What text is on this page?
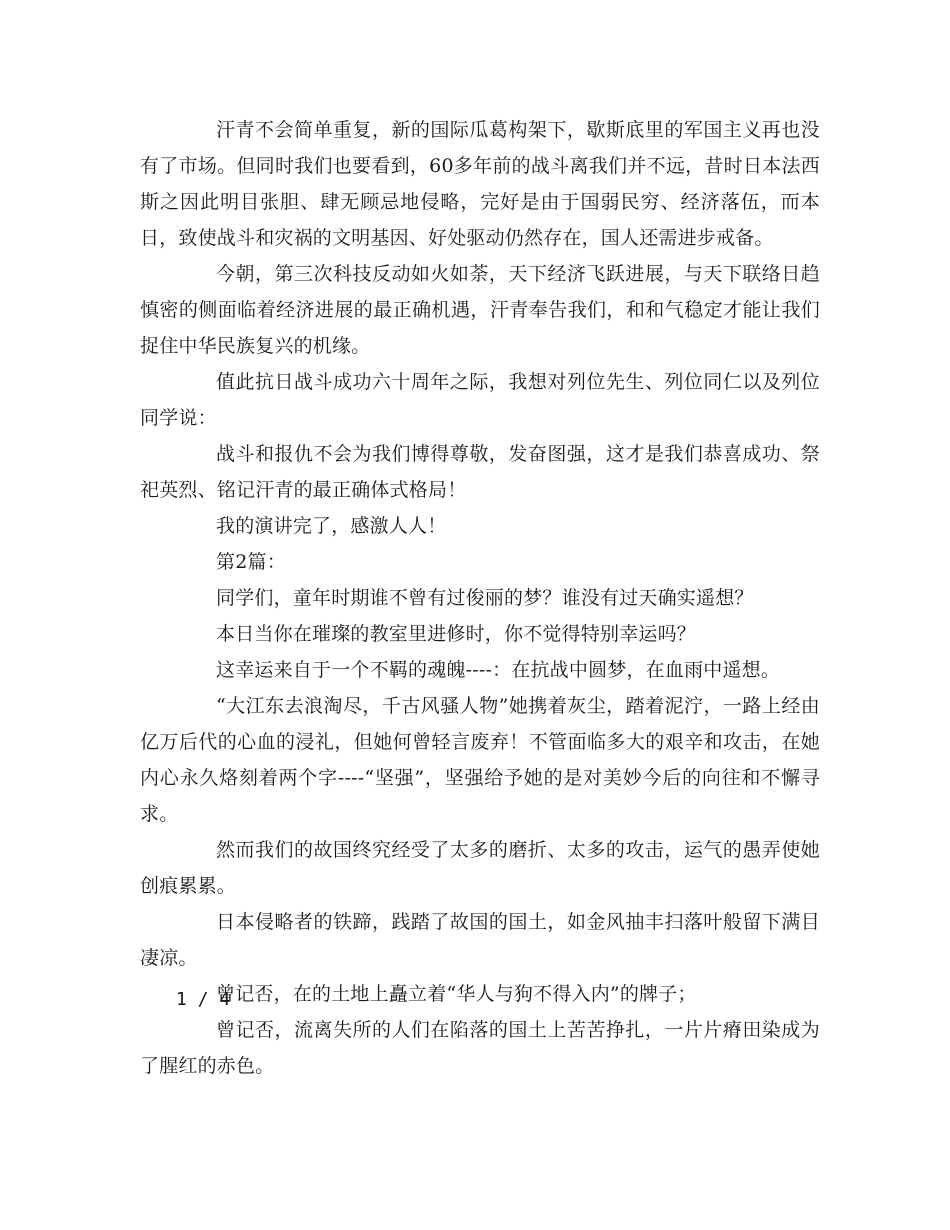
汗青不会简单重复，新的国际瓜葛构架下，歇斯底里的军国主义再也没有了市场。但同时我们也要看到，60多年前的战斗离我们并不远，昔时日本法西斯之因此明目张胆、肆无顾忌地侵略，完好是由于国弱民穷、经济落伍，而本日，致使战斗和灾祸的文明基因、好处驱动仍然存在，国人还需进步戒备。

今朝，第三次科技反动如火如荼，天下经济飞跃进展，与天下联络日趋慎密的侧面临着经济进展的最正确机遇，汗青奉告我们，和和气稳定才能让我们捉住中华民族复兴的机缘。

值此抗日战斗成功六十周年之际，我想对列位先生、列位同仁以及列位同学说：

战斗和报仇不会为我们博得尊敬，发奋图强，这才是我们恭喜成功、祭祀英烈、铭记汗青的最正确体式格局！

我的演讲完了，感激人人！

第2篇：

同学们，童年时期谁不曾有过俊丽的梦？谁没有过天确实遥想？

本日当你在璀璨的教室里进修时，你不觉得特别幸运吗？

这幸运来自于一个不羁的魂魄----：在抗战中圆梦，在血雨中遥想。

“大江东去浪淘尽，千古风骚人物”她携着灰尘，踏着泥泞，一路上经由亿万后代的心血的浸礼，但她何曾轻言废弃！不管面临多大的艰辛和攻击，在她内心永久烙刻着两个字----“坚强”，坚强给予她的是对美妙今后的向往和不懈寻求。

然而我们的故国终究经受了太多的磨折、太多的攻击，运气的愚弄使她创痕累累。

日本侵略者的铁蹄，践踏了故国的国土，如金风抽丰扫落叶般留下满目凄凉。

曾记否，在的土地上矗立着“华人与狗不得入内”的牌子；

曾记否，流离失所的人们在陷落的国土上苦苦挣扎，一片片瘠田染成为了腥红的赤色。

1 / 4
